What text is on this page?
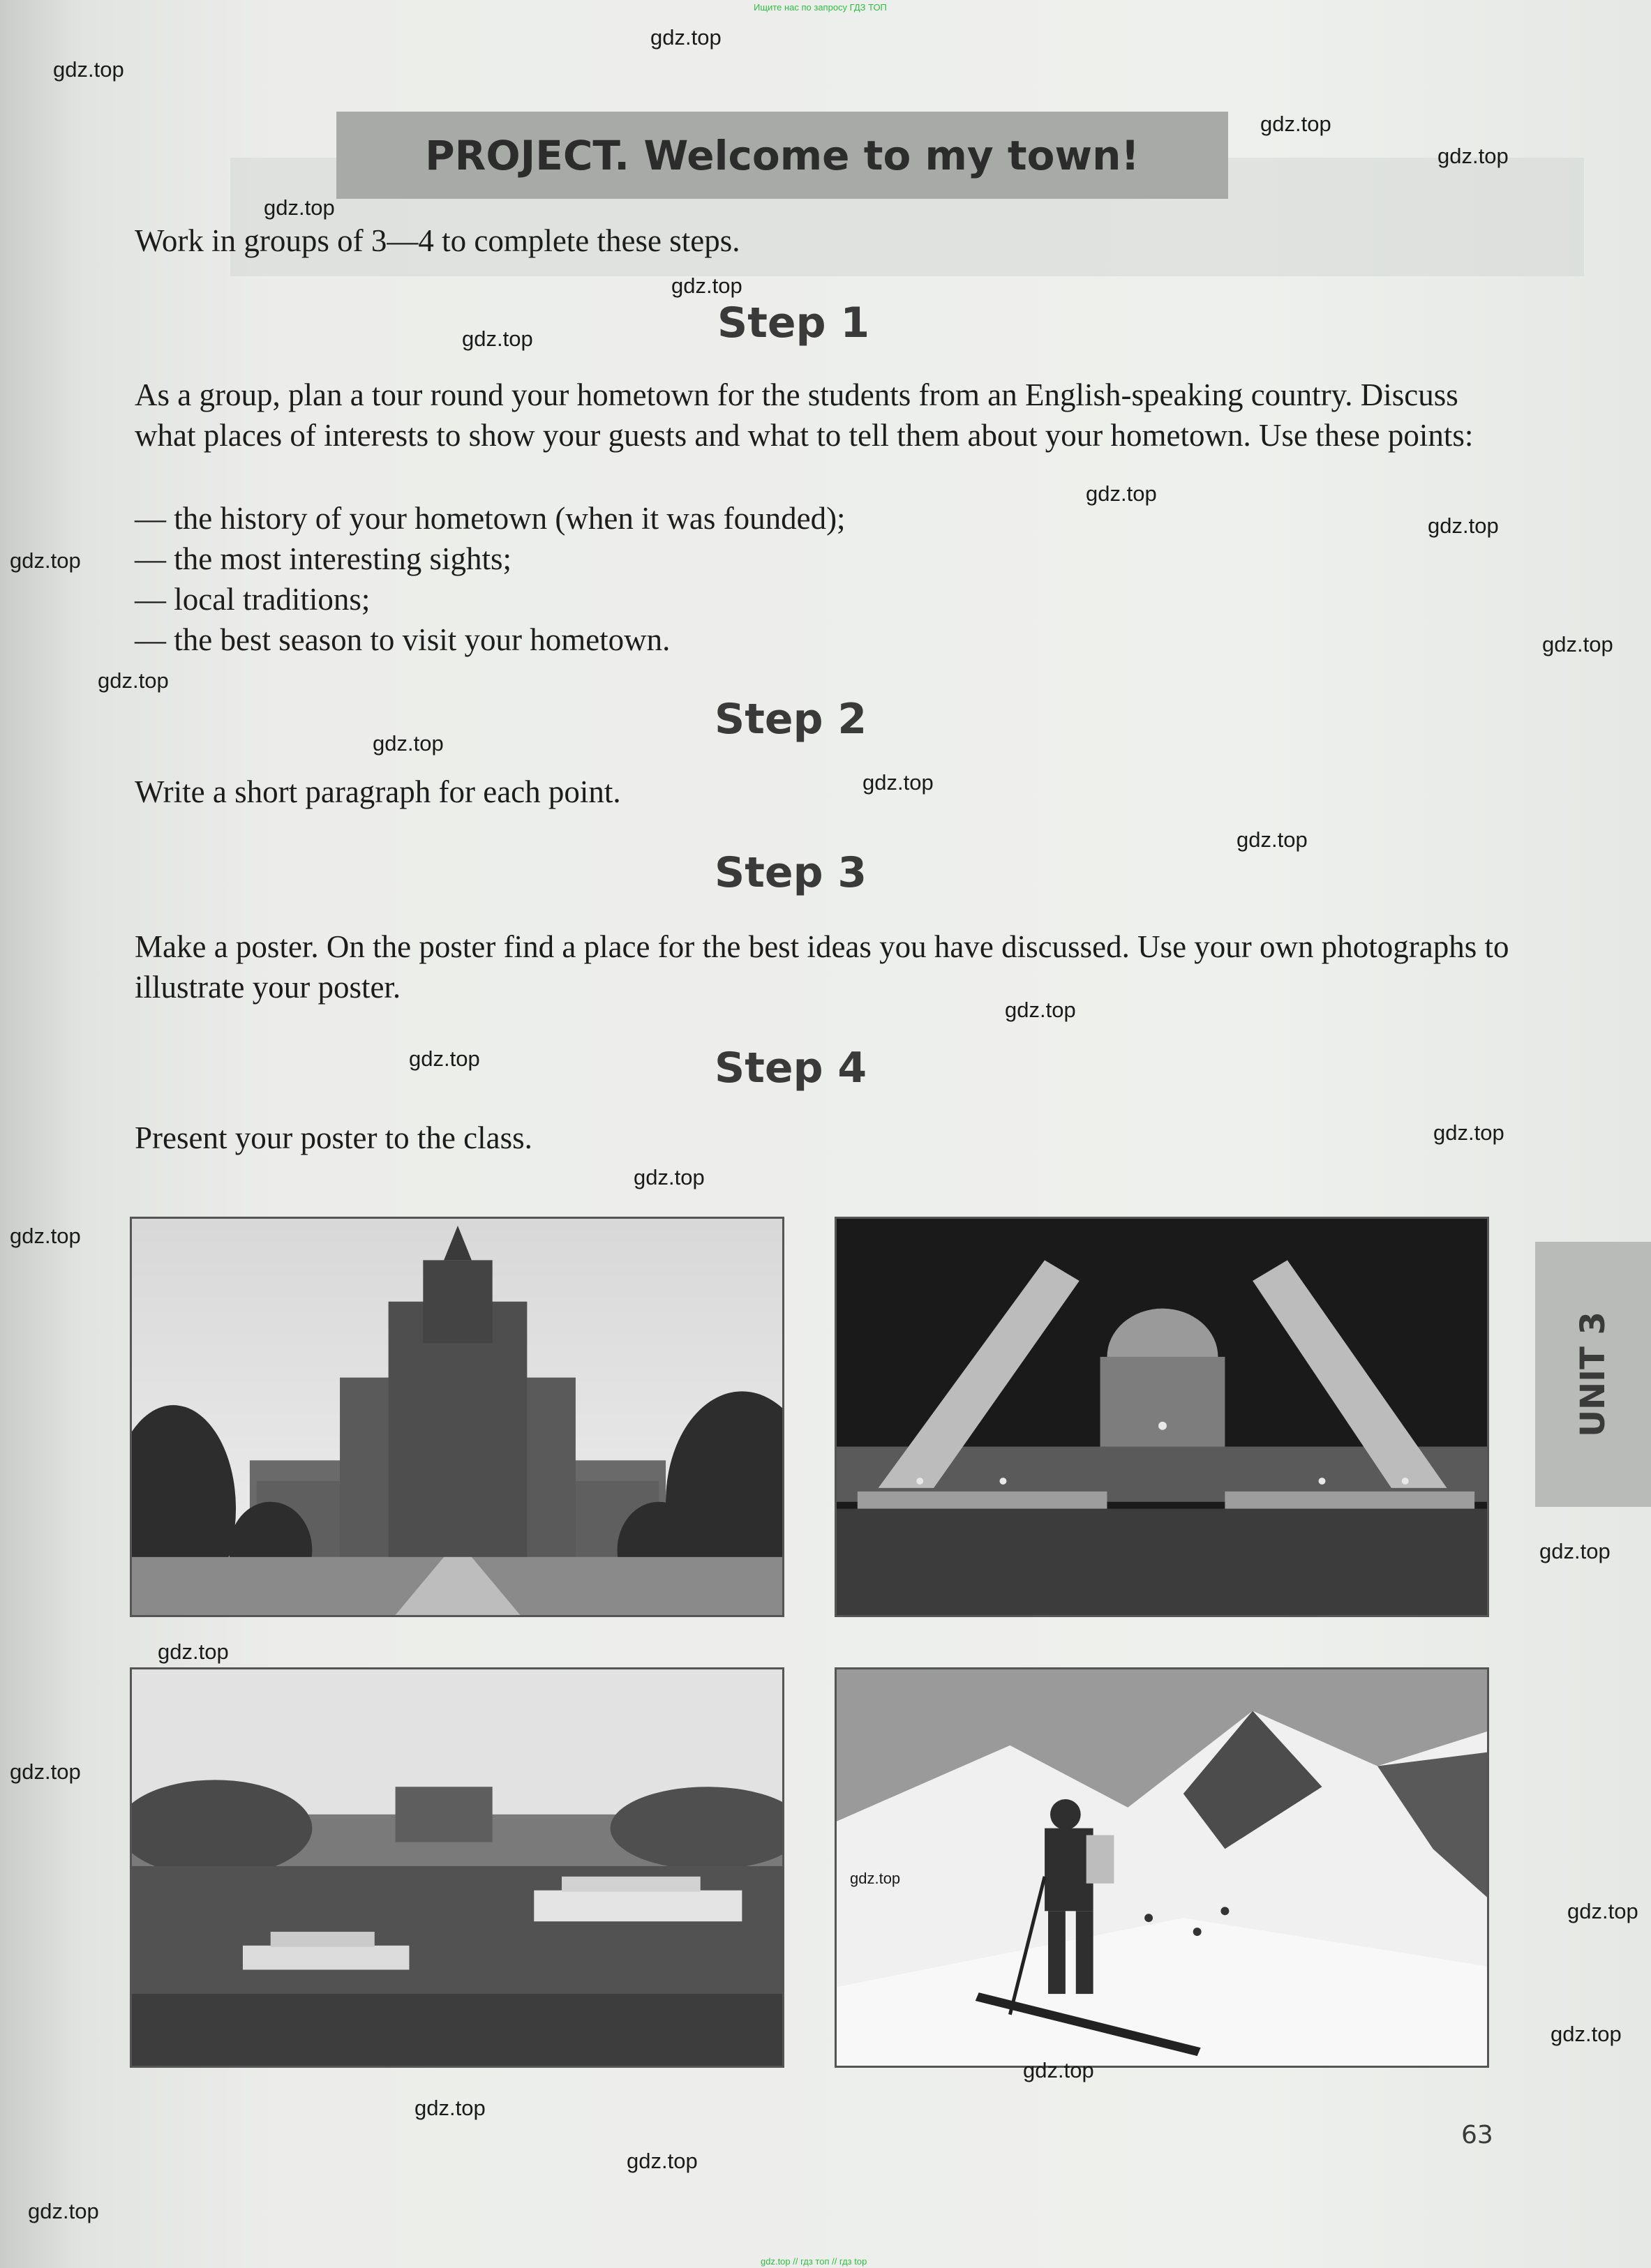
Ищите нас по запросу ГДЗ ТОП
PROJECT. Welcome to my town!
Work in groups of 3—4 to complete these steps.
Step 1
As a group, plan a tour round your hometown for the students from an English-speaking country. Discuss what places of interests to show your guests and what to tell them about your hometown. Use these points:
— the history of your hometown (when it was founded);
— the most interesting sights;
— local traditions;
— the best season to visit your hometown.
Step 2
Write a short paragraph for each point.
Step 3
Make a poster. On the poster find a place for the best ideas you have discussed. Use your own photographs to illustrate your poster.
Step 4
Present your poster to the class.
UNIT 3
63
gdz.top
gdz.top
gdz.top
gdz.top
gdz.top
gdz.top
gdz.top
gdz.top
gdz.top
gdz.top
gdz.top
gdz.top
gdz.top
gdz.top
gdz.top
gdz.top
gdz.top
gdz.top
gdz.top
gdz.top
gdz.top
gdz.top
gdz.top
gdz.top
gdz.top
gdz.top
gdz.top
gdz.top
gdz.top
gdz.top
gdz.top // гдз топ // гдз top
